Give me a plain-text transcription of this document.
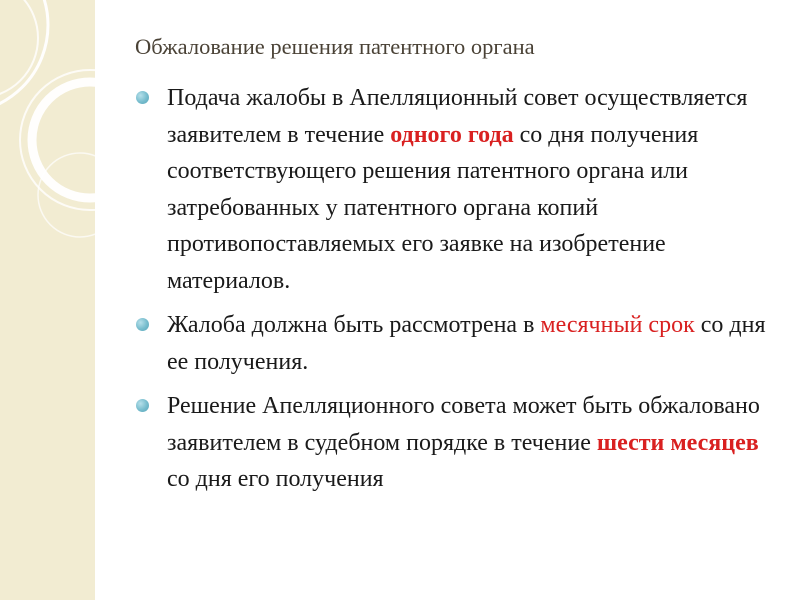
Обжалование решения патентного органа
Подача жалобы в Апелляционный совет осуществляется заявителем в течение одного года со дня получения соответствующего решения патентного органа или затребованных у патентного органа копий противопоставляемых его заявке на изобретение материалов.
Жалоба должна быть рассмотрена в месячный срок со дня ее получения.
Решение Апелляционного совета может быть обжаловано заявителем в судебном порядке в течение шести месяцев со дня его получения
